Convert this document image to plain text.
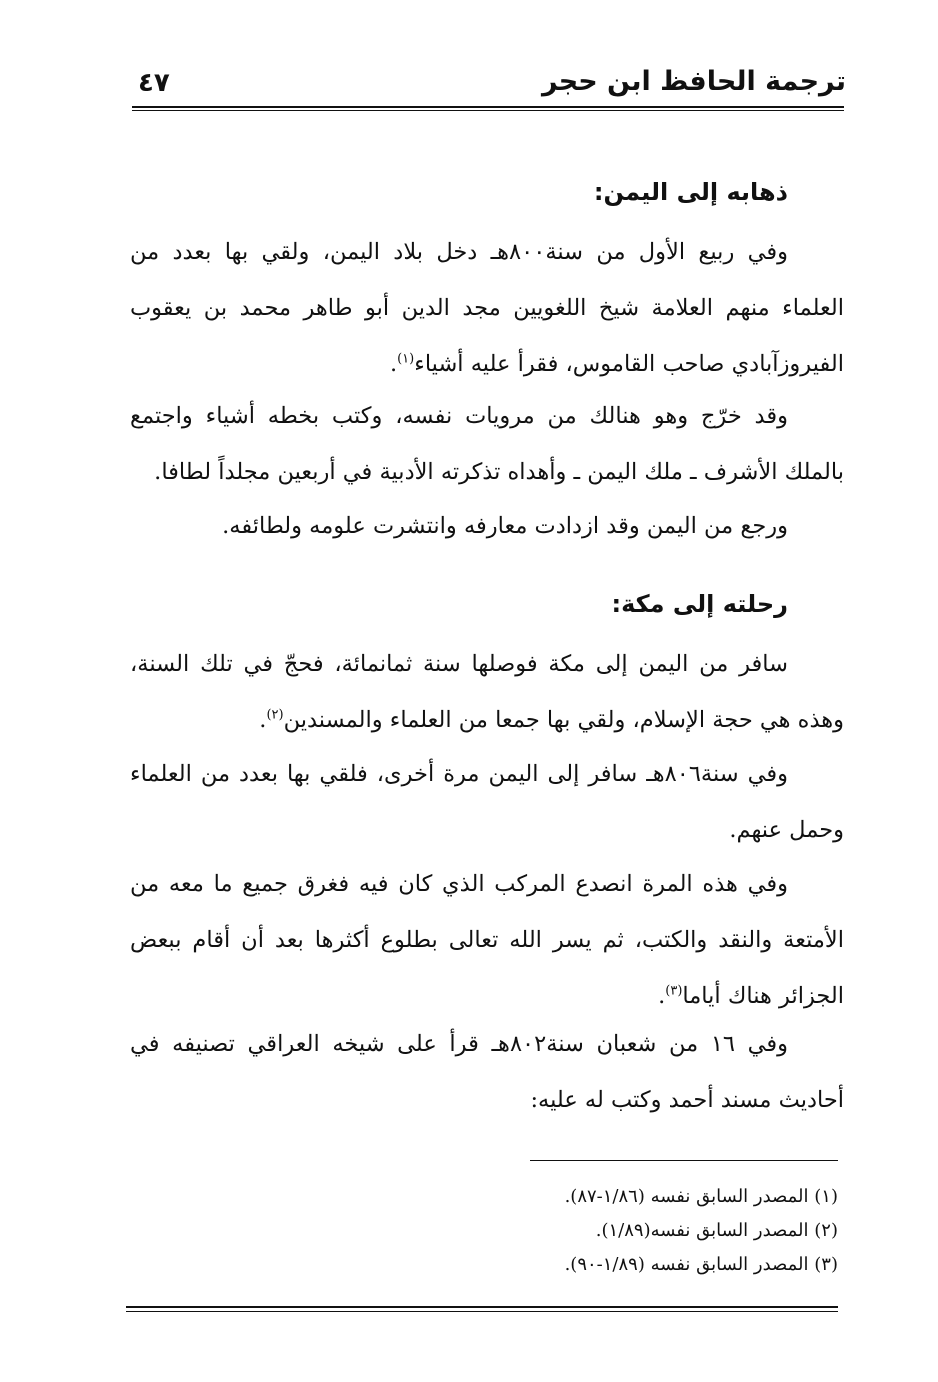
ترجمة الحافظ ابن حجر
٤٧
ذهابه إلى اليمن:
وفي ربيع الأول من سنة٨٠٠هـ دخل بلاد اليمن، ولقي بها بعدد من العلماء منهم العلامة شيخ اللغويين مجد الدين أبو طاهر محمد بن يعقوب الفيروزآبادي صاحب القاموس، فقرأ عليه أشياء$^{(١)}$.
وقد خرّج وهو هنالك من مرويات نفسه، وكتب بخطه أشياء واجتمع بالملك الأشرف ـ ملك اليمن ـ وأهداه تذكرته الأدبية في أربعين مجلداً لطافا.
ورجع من اليمن وقد ازدادت معارفه وانتشرت علومه ولطائفه.
رحلته إلى مكة:
سافر من اليمن إلى مكة فوصلها سنة ثمانمائة، فحجّ في تلك السنة، وهذه هي حجة الإسلام، ولقي بها جمعا من العلماء والمسندين$^{(٢)}$.
وفي سنة٨٠٦هـ سافر إلى اليمن مرة أخرى، فلقي بها بعدد من العلماء وحمل عنهم.
وفي هذه المرة انصدع المركب الذي كان فيه فغرق جميع ما معه من الأمتعة والنقد والكتب، ثم يسر الله تعالى بطلوع أكثرها بعد أن أقام ببعض الجزائر هناك أياما$^{(٣)}$.
وفي ١٦ من شعبان سنة٨٠٢هـ قرأ على شيخه العراقي تصنيفه في أحاديث مسند أحمد وكتب له عليه:
(١) المصدر السابق نفسه (١/٨٦-٨٧).
(٢) المصدر السابق نفسه(١/٨٩).
(٣) المصدر السابق نفسه (١/٨٩-٩٠).
